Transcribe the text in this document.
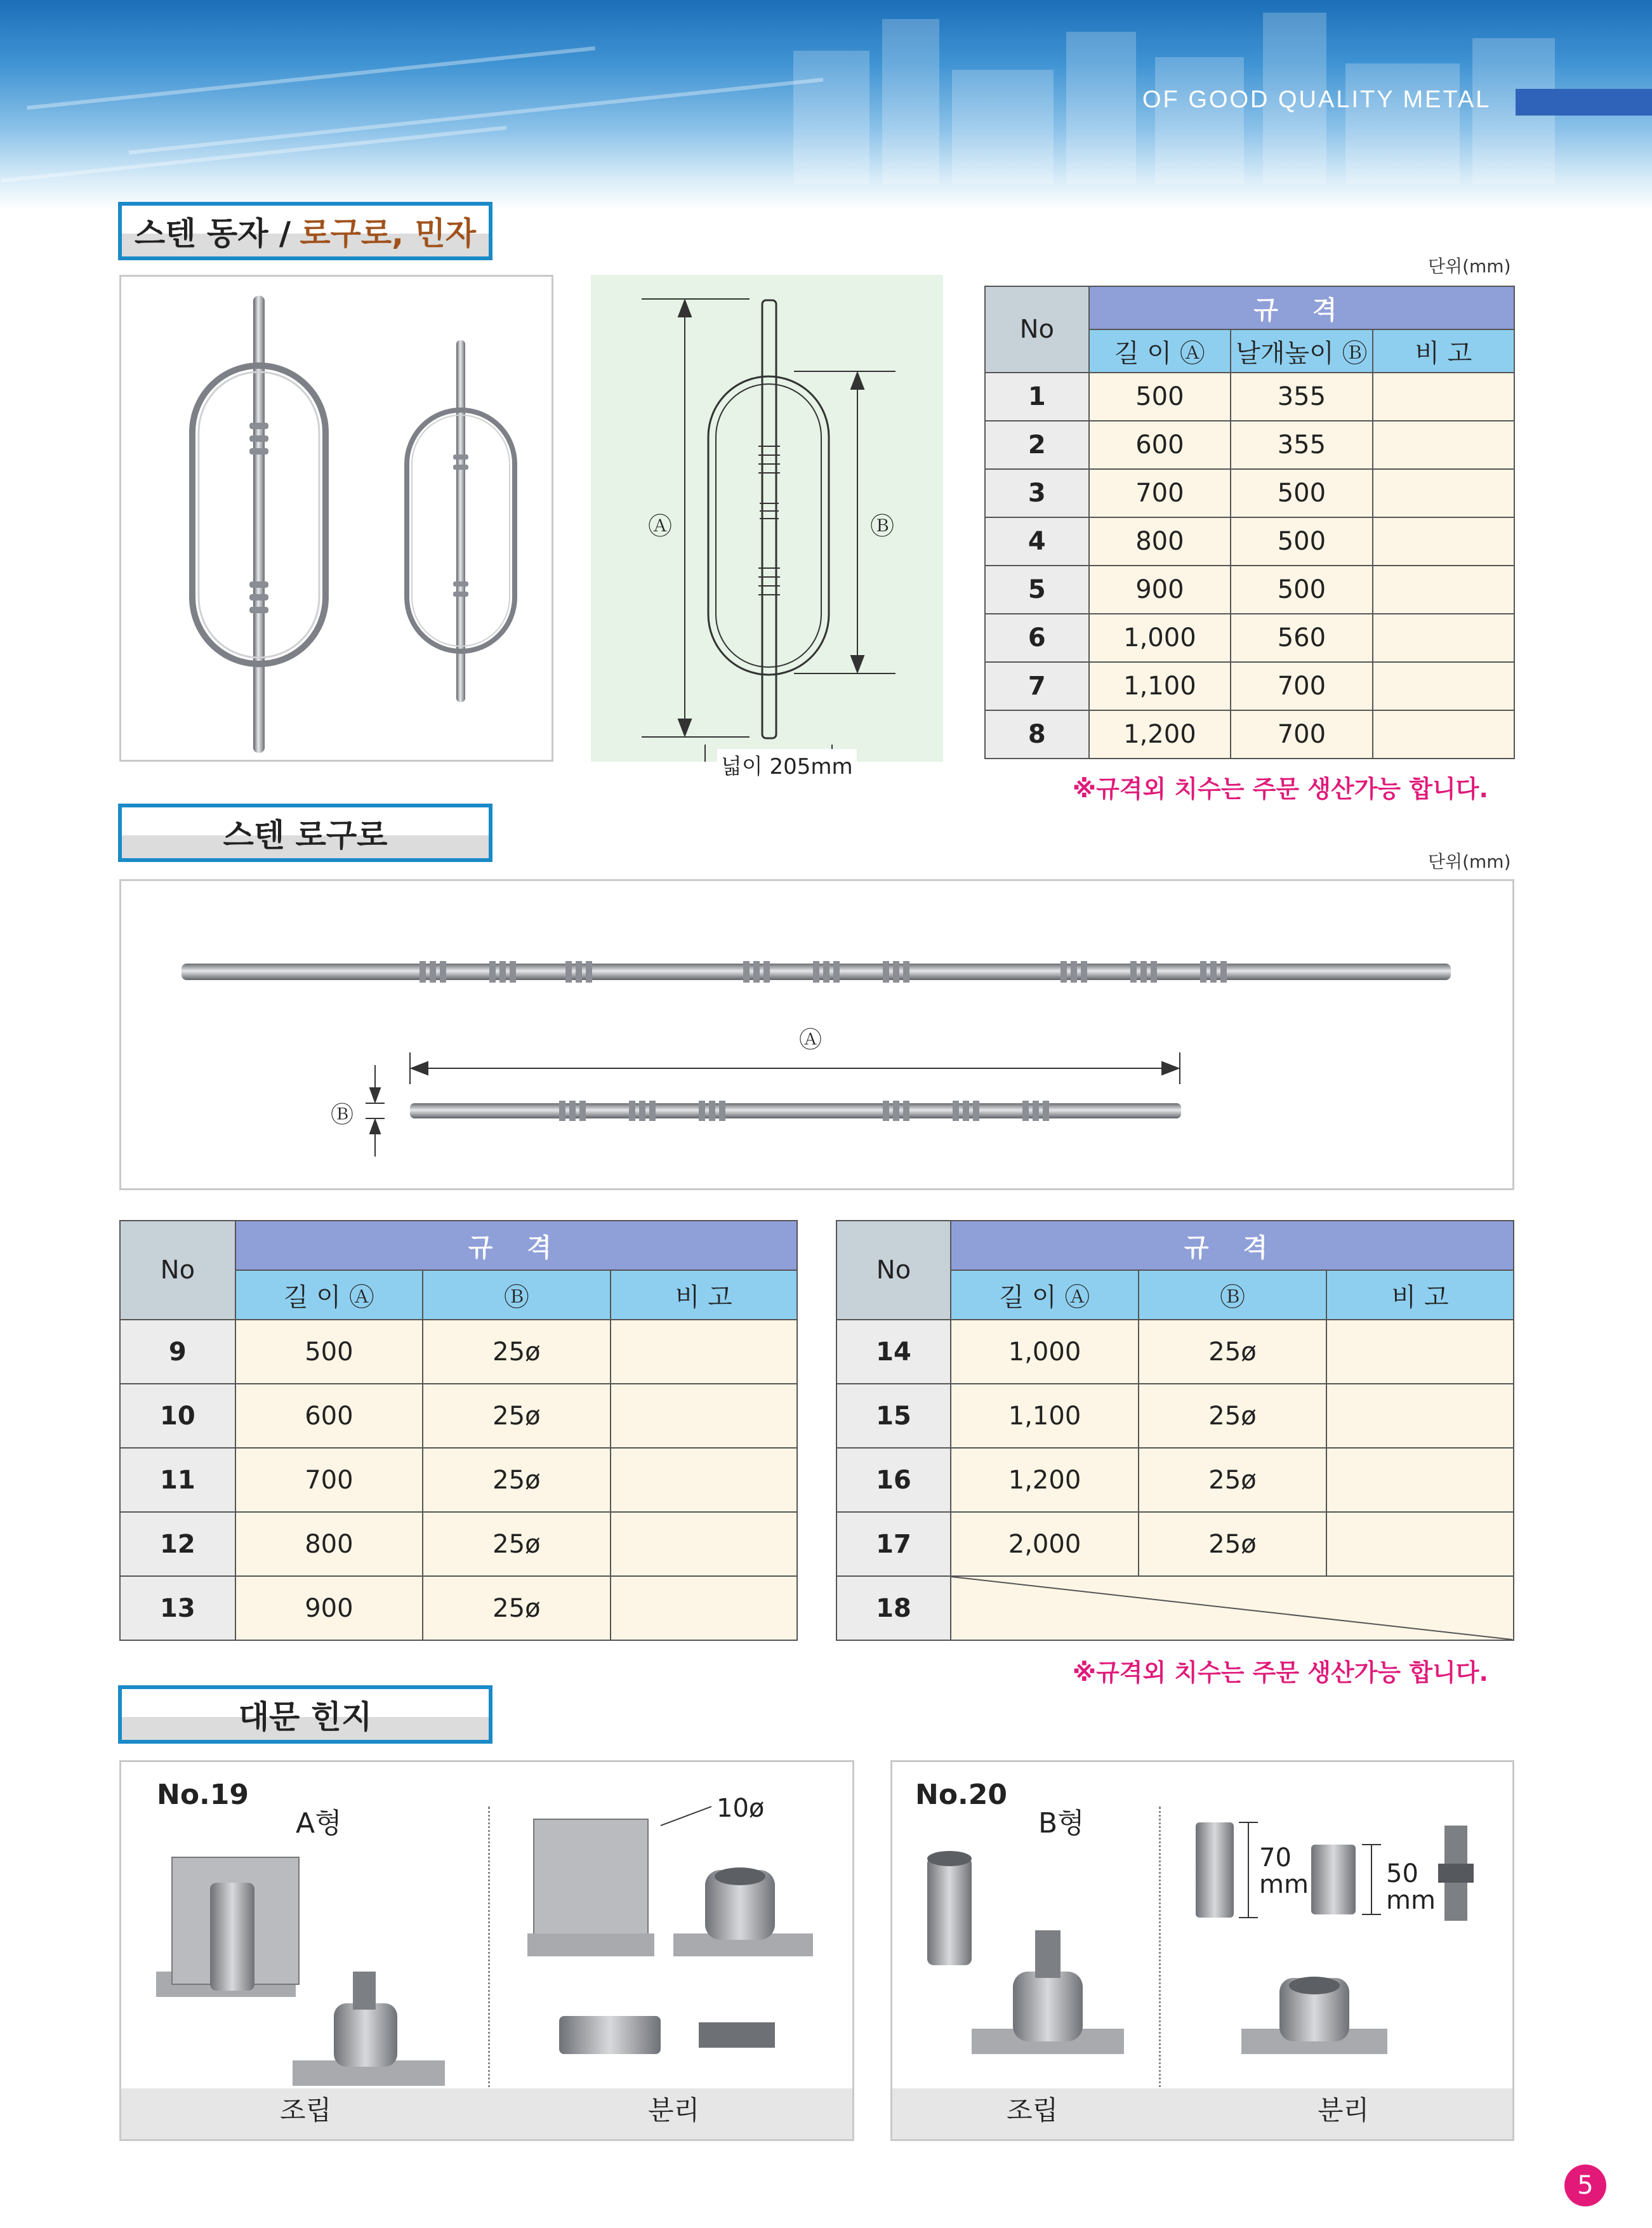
OF GOOD QUALITY METAL
스텐 동자 / 로구로, 민자
단위(mm)
Ⓐ	Ⓑ
넓이 205mm
No	규 격		
	길 이 Ⓐ	날개높이 Ⓑ	비 고
1	500	355	
2	600	355	
3	700	500	
4	800	500	
5	900	500	
6	1,000	560	
7	1,100	700	
8	1,200	700	
※규격외 치수는 주문 생산가능 합니다.
스텐 로구로
단위(mm)
Ⓐ
Ⓑ
No	규 격		
	길 이 Ⓐ	Ⓑ	비 고
9	500	25ø	
10	600	25ø	
11	700	25ø	
12	800	25ø	
13	900	25ø	
No	규 격		
	길 이 Ⓐ	Ⓑ	비 고
14	1,000	25ø	
15	1,100	25ø	
16	1,200	25ø	
17	2,000	25ø	
18	
※규격외 치수는 주문 생산가능 합니다.
대문 힌지
No.19
A형	10ø
조립	분리
No.20
B형
70
mm	50
mm
조립	분리
5
